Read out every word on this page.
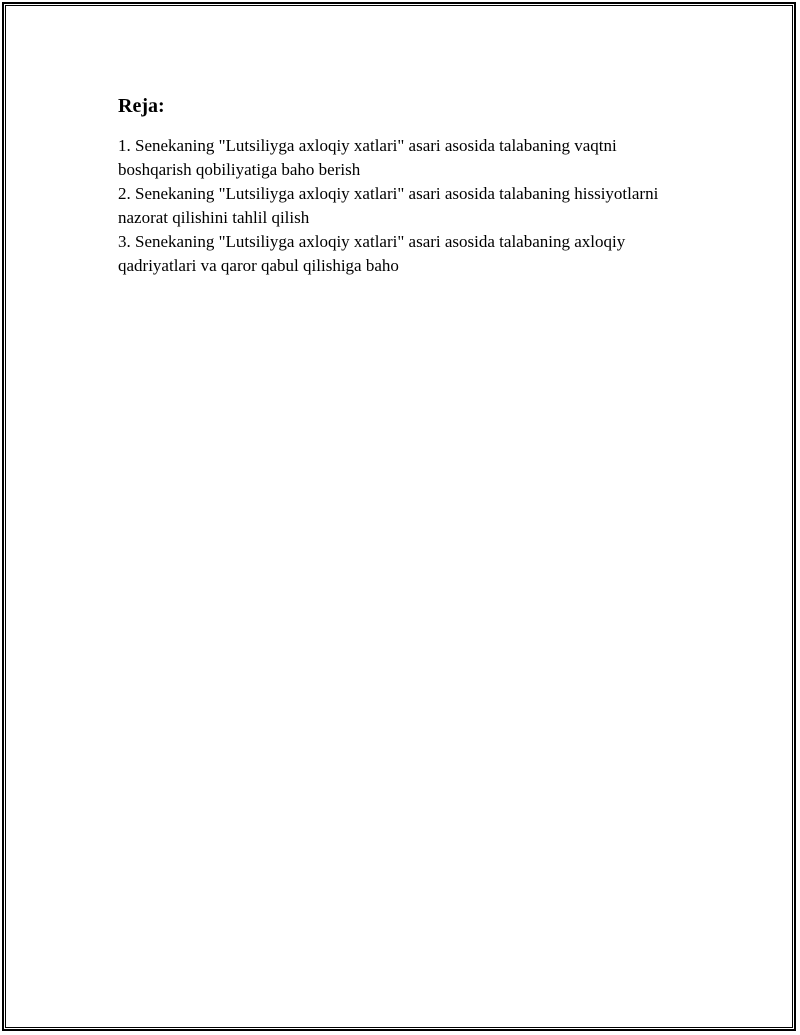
Reja:
1. Senekaning "Lutsiliyga axloqiy xatlari" asari asosida talabaning vaqtni boshqarish qobiliyatiga baho berish
2. Senekaning "Lutsiliyga axloqiy xatlari" asari asosida talabaning hissiyotlarni nazorat qilishini tahlil qilish
3. Senekaning "Lutsiliyga axloqiy xatlari" asari asosida talabaning axloqiy qadriyatlari va qaror qabul qilishiga baho
